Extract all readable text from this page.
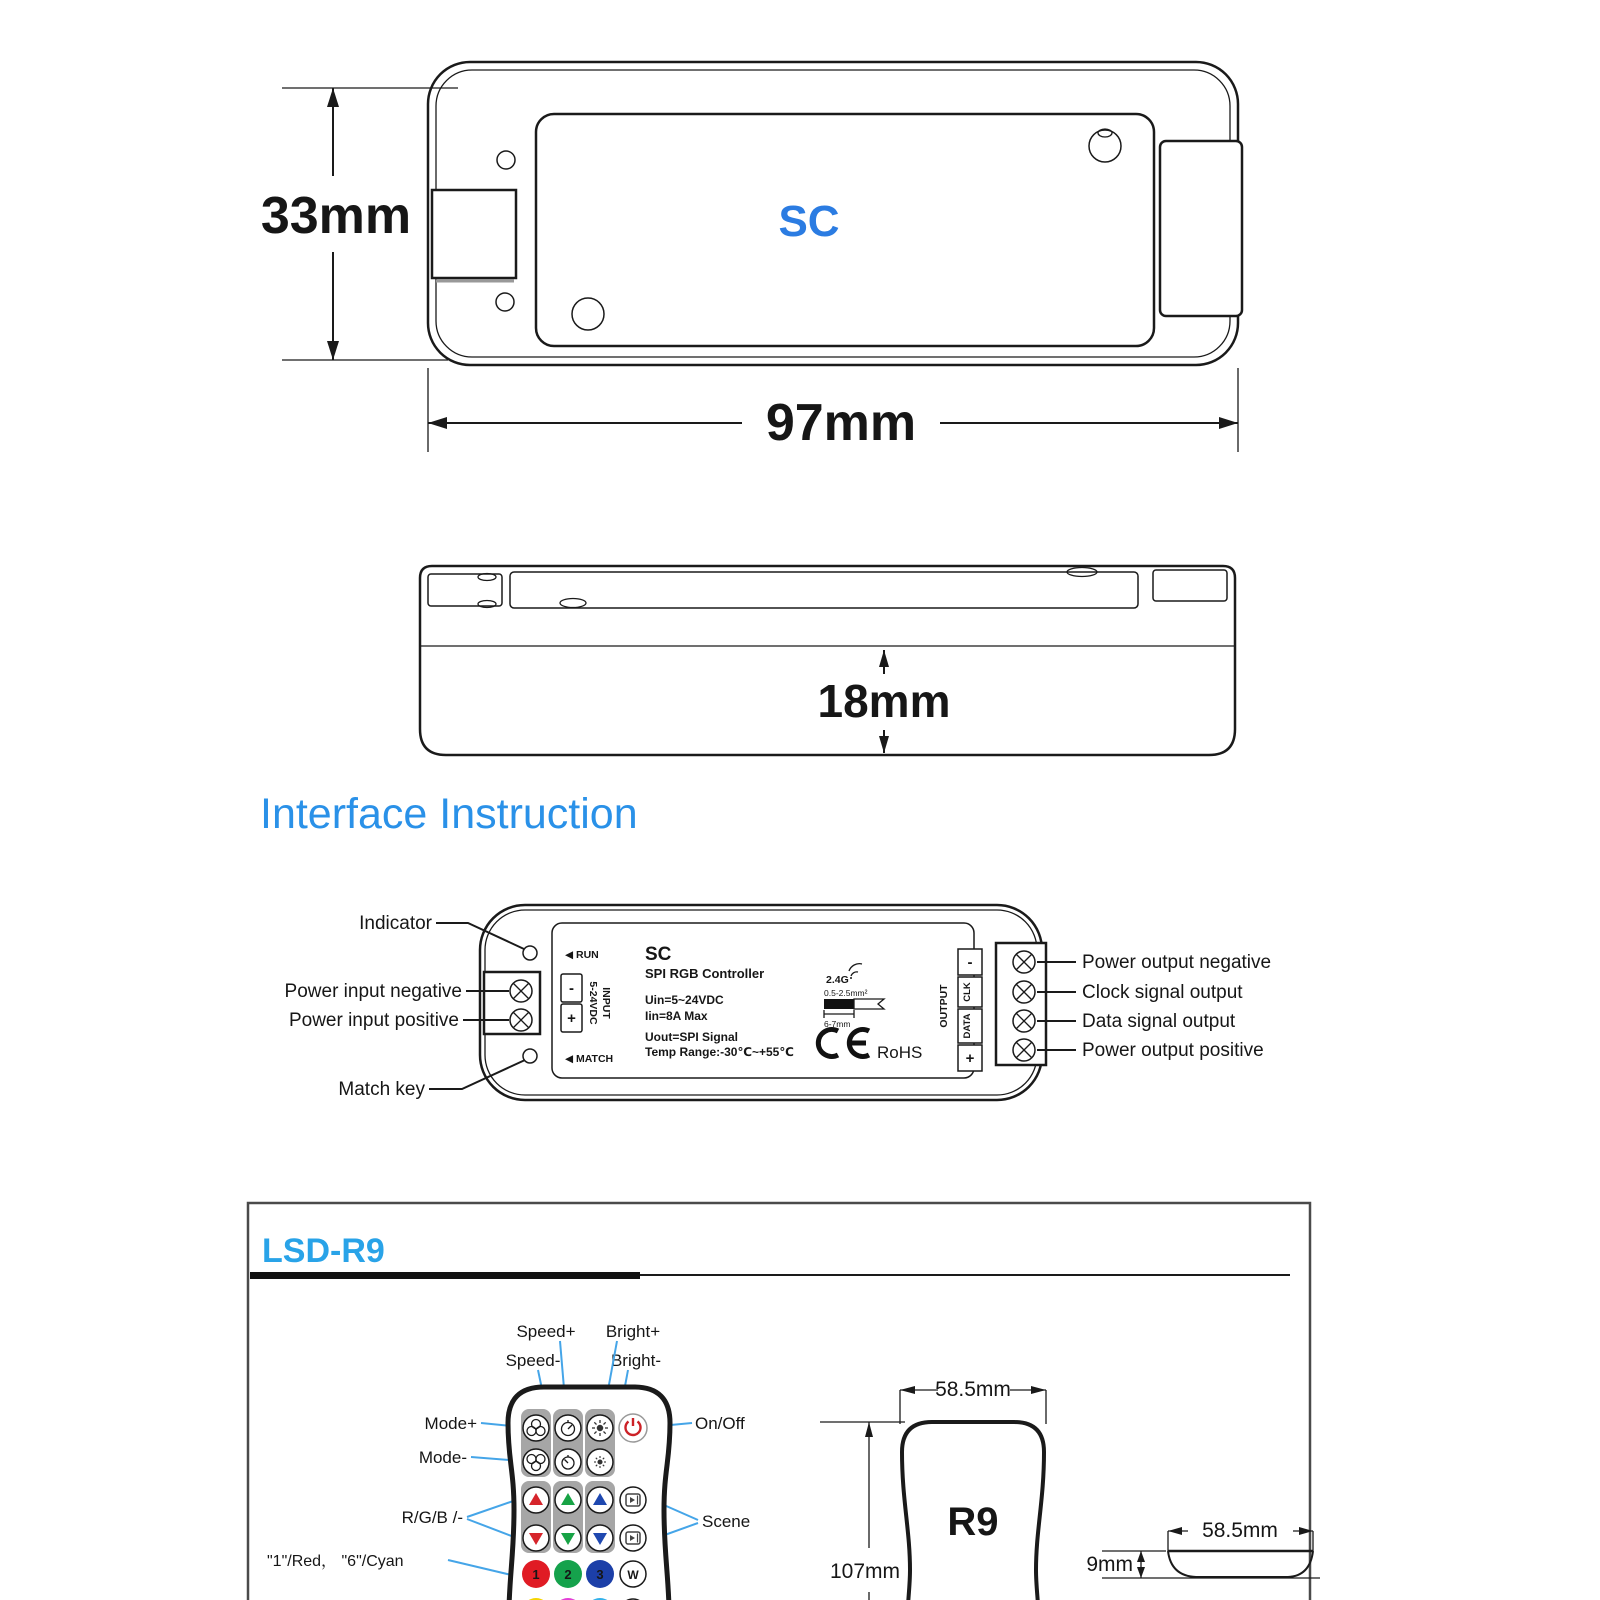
SC
33mm
97mm
18mm
Interface Instruction
◀ RUN
◀ MATCH
-
+ 5-24VDC INPUT
SC
SPI RGB Controller
Uin=5~24VDC
Iin=8A Max
Uout=SPI Signal
Temp Range:-30℃~+55℃
2.4G
0.5-2.5mm²
6-7mm
RoHS
OUTPUT
-
CLK
DATA
+
Indicator
Power input negative
Power input positive
Match key
Power output negative
Clock signal output
Data signal output
Power output positive
LSD-R9
Speed+ Bright+
Speed-	Bright-
Mode+
Mode-
R/G/B /-
On/Off
Scene
"1"/Red， "6"/Cyan
1 2 3 W
58.5mm
R9
107mm
58.5mm
9mm
